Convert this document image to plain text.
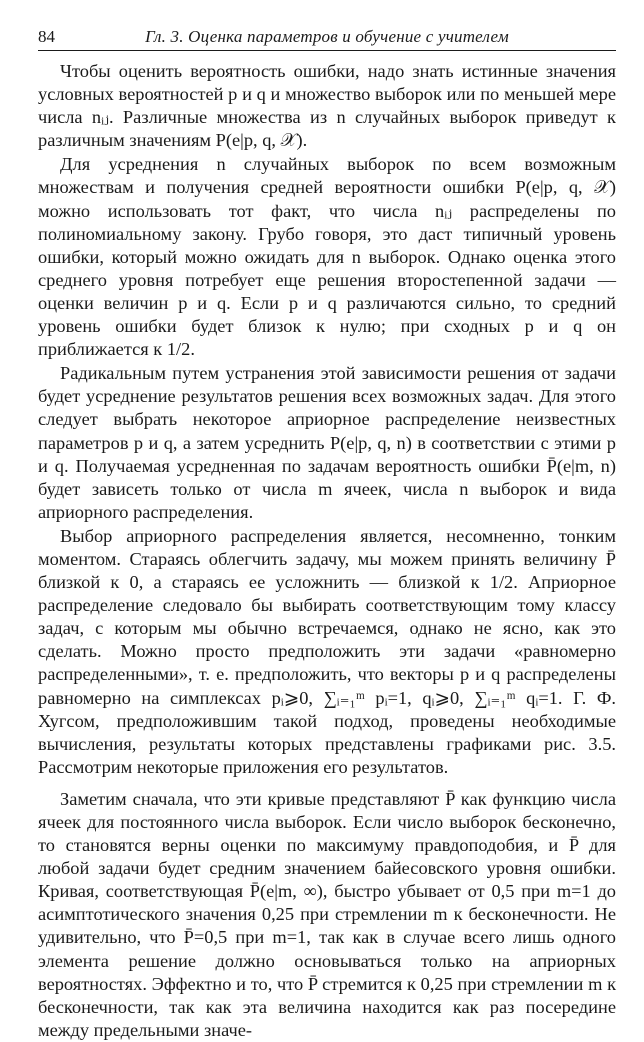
84	Гл. 3. Оценка параметров и обучение с учителем

Чтобы оценить вероятность ошибки, надо знать истинные значения условных вероятностей p и q и множество выборок или по меньшей мере числа nᵢⱼ. Различные множества из n случайных выборок приведут к различным значениям P(e|p, q, 𝒳).

Для усреднения n случайных выборок по всем возможным множествам и получения средней вероятности ошибки P(e|p, q, 𝒳) можно использовать тот факт, что числа nᵢⱼ распределены по полиномиальному закону. Грубо говоря, это даст типичный уровень ошибки, который можно ожидать для n выборок. Однако оценка этого среднего уровня потребует еще решения второстепенной задачи — оценки величин p и q. Если p и q различаются сильно, то средний уровень ошибки будет близок к нулю; при сходных p и q он приближается к 1/2.

Радикальным путем устранения этой зависимости решения от задачи будет усреднение результатов решения всех возможных задач. Для этого следует выбрать некоторое априорное распределение неизвестных параметров p и q, а затем усреднить P(e|p, q, n) в соответствии с этими p и q. Получаемая усредненная по задачам вероятность ошибки P̄(e|m, n) будет зависеть только от числа m ячеек, числа n выборок и вида априорного распределения.

Выбор априорного распределения является, несомненно, тонким моментом. Стараясь облегчить задачу, мы можем принять величину P̄ близкой к 0, а стараясь ее усложнить — близкой к 1/2. Априорное распределение следовало бы выбирать соответствующим тому классу задач, с которым мы обычно встречаемся, однако не ясно, как это сделать. Можно просто предположить эти задачи «равномерно распределенными», т. е. предположить, что векторы p и q распределены равномерно на симплексах pᵢ⩾0, ∑ᵢ₌₁ᵐ pᵢ=1, qᵢ⩾0, ∑ᵢ₌₁ᵐ qᵢ=1. Г. Ф. Хугсом, предположившим такой подход, проведены необходимые вычисления, результаты которых представлены графиками рис. 3.5. Рассмотрим некоторые приложения его результатов.

Заметим сначала, что эти кривые представляют P̄ как функцию числа ячеек для постоянного числа выборок. Если число выборок бесконечно, то становятся верны оценки по максимуму правдоподобия, и P̄ для любой задачи будет средним значением байесовского уровня ошибки. Кривая, соответствующая P̄(e|m, ∞), быстро убывает от 0,5 при m=1 до асимптотического значения 0,25 при стремлении m к бесконечности. Не удивительно, что P̄=0,5 при m=1, так как в случае всего лишь одного элемента решение должно основываться только на априорных вероятностях. Эффектно и то, что P̄ стремится к 0,25 при стремлении m к бесконечности, так как эта величина находится как раз посередине между предельными значе-
